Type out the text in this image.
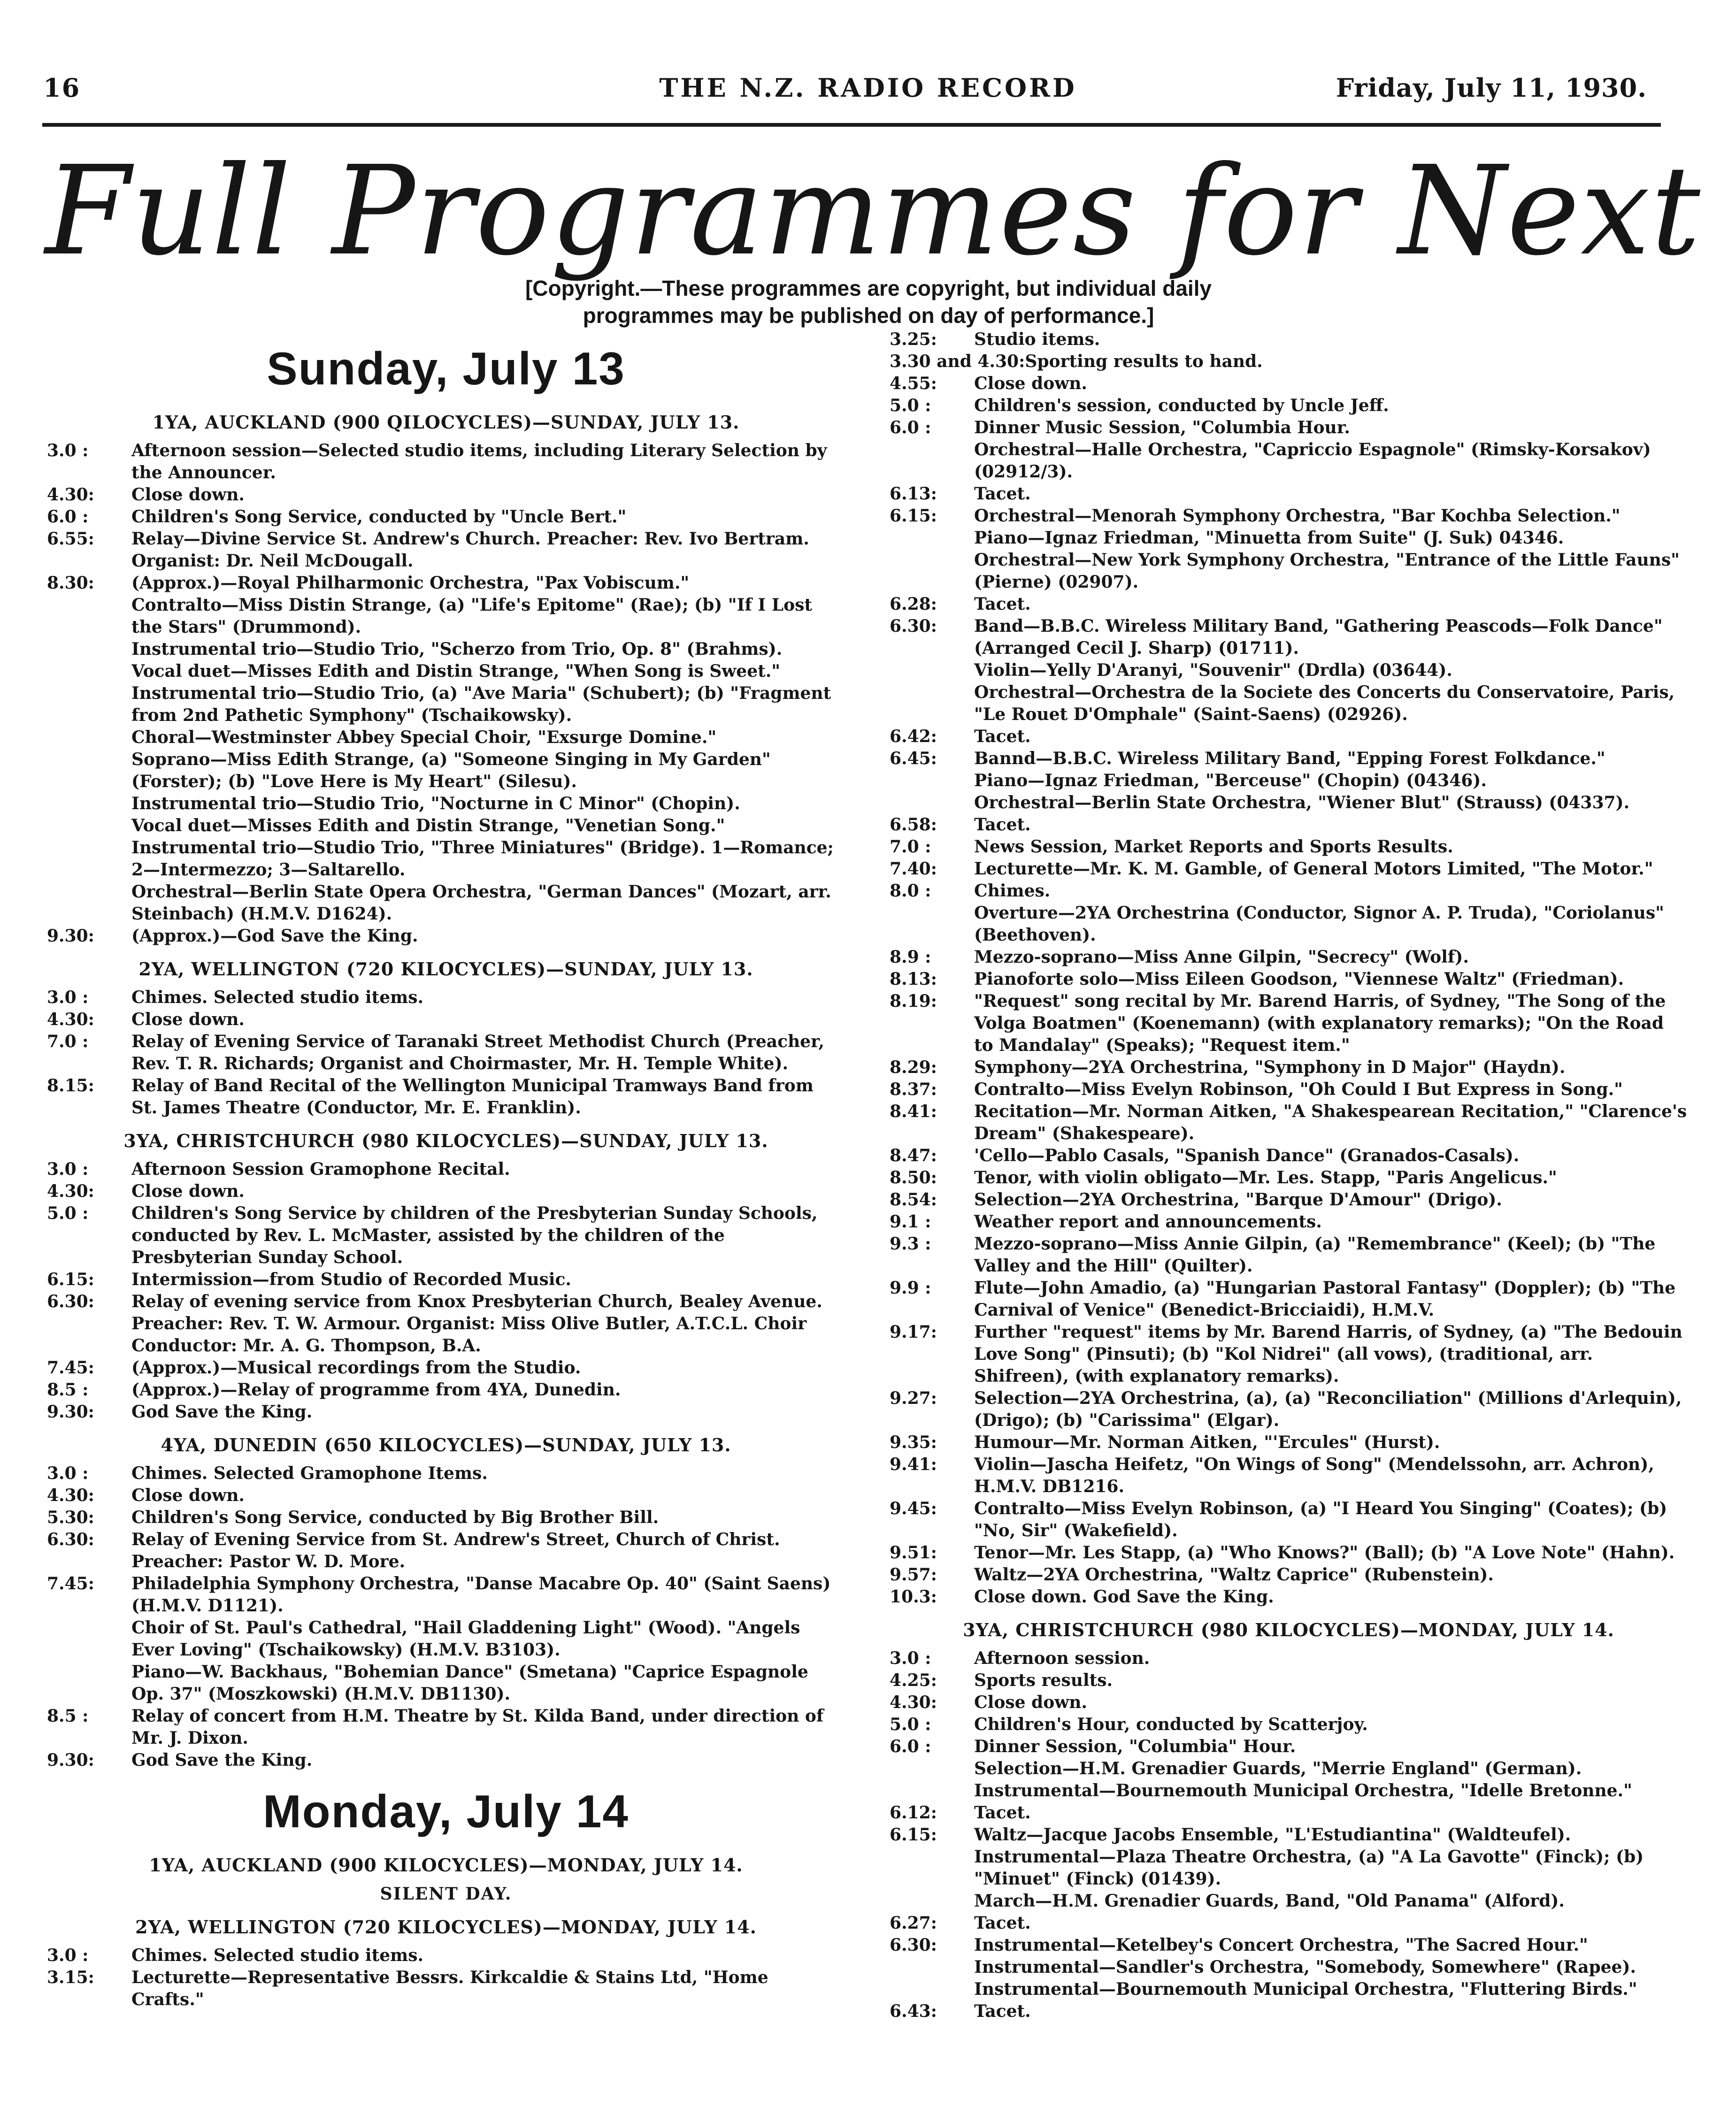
16	THE N.Z. RADIO RECORD	Friday, July 11, 1930.
Full Programmes for Next
[Copyright.—These programmes are copyright, but individual daily programmes may be published on day of performance.]
Sunday, July 13
1YA, AUCKLAND (900 QILOCYCLES)—SUNDAY, JULY 13.
3.0 :	Afternoon session—Selected studio items, including Literary Selection by the Announcer.
4.30:	Close down.
6.0 :	Children's Song Service, conducted by "Uncle Bert."
6.55:	Relay—Divine Service St. Andrew's Church. Preacher: Rev. Ivo Bertram. Organist: Dr. Neil McDougall.
8.30:	(Approx.)—Royal Philharmonic Orchestra, "Pax Vobiscum."
Contralto—Miss Distin Strange, (a) "Life's Epitome" (Rae); (b) "If I Lost the Stars" (Drummond).
Instrumental trio—Studio Trio, "Scherzo from Trio, Op. 8" (Brahms).
Vocal duet—Misses Edith and Distin Strange, "When Song is Sweet."
Instrumental trio—Studio Trio, (a) "Ave Maria" (Schubert); (b) "Fragment from 2nd Pathetic Symphony" (Tschaikowsky).
Choral—Westminster Abbey Special Choir, "Exsurge Domine."
Soprano—Miss Edith Strange, (a) "Someone Singing in My Garden" (Forster); (b) "Love Here is My Heart" (Silesu).
Instrumental trio—Studio Trio, "Nocturne in C Minor" (Chopin).
Vocal duet—Misses Edith and Distin Strange, "Venetian Song."
Instrumental trio—Studio Trio, "Three Miniatures" (Bridge). 1—Romance; 2—Intermezzo; 3—Saltarello.
Orchestral—Berlin State Opera Orchestra, "German Dances" (Mozart, arr. Steinbach) (H.M.V. D1624).
9.30:	(Approx.)—God Save the King.
2YA, WELLINGTON (720 KILOCYCLES)—SUNDAY, JULY 13.
3.0 :	Chimes. Selected studio items.
4.30:	Close down.
7.0 :	Relay of Evening Service of Taranaki Street Methodist Church (Preacher, Rev. T. R. Richards; Organist and Choirmaster, Mr. H. Temple White).
8.15:	Relay of Band Recital of the Wellington Municipal Tramways Band from St. James Theatre (Conductor, Mr. E. Franklin).
3YA, CHRISTCHURCH (980 KILOCYCLES)—SUNDAY, JULY 13.
3.0 :	Afternoon Session Gramophone Recital.
4.30:	Close down.
5.0 :	Children's Song Service by children of the Presbyterian Sunday Schools, conducted by Rev. L. McMaster, assisted by the children of the Presbyterian Sunday School.
6.15:	Intermission—from Studio of Recorded Music.
6.30:	Relay of evening service from Knox Presbyterian Church, Bealey Avenue. Preacher: Rev. T. W. Armour. Organist: Miss Olive Butler, A.T.C.L. Choir Conductor: Mr. A. G. Thompson, B.A.
7.45:	(Approx.)—Musical recordings from the Studio.
8.5 :	(Approx.)—Relay of programme from 4YA, Dunedin.
9.30:	God Save the King.
4YA, DUNEDIN (650 KILOCYCLES)—SUNDAY, JULY 13.
3.0 :	Chimes. Selected Gramophone Items.
4.30:	Close down.
5.30:	Children's Song Service, conducted by Big Brother Bill.
6.30:	Relay of Evening Service from St. Andrew's Street, Church of Christ. Preacher: Pastor W. D. More.
7.45:	Philadelphia Symphony Orchestra, "Danse Macabre Op. 40" (Saint Saens) (H.M.V. D1121).
Choir of St. Paul's Cathedral, "Hail Gladdening Light" (Wood). "Angels Ever Loving" (Tschaikowsky) (H.M.V. B3103).
Piano—W. Backhaus, "Bohemian Dance" (Smetana) "Caprice Espagnole Op. 37" (Moszkowski) (H.M.V. DB1130).
8.5 :	Relay of concert from H.M. Theatre by St. Kilda Band, under direction of Mr. J. Dixon.
9.30:	God Save the King.
Monday, July 14
1YA, AUCKLAND (900 KILOCYCLES)—MONDAY, JULY 14.
SILENT DAY.
2YA, WELLINGTON (720 KILOCYCLES)—MONDAY, JULY 14.
3.0 :	Chimes. Selected studio items.
3.15:	Lecturette—Representative Bessrs. Kirkcaldie & Stains Ltd, "Home Crafts."
3.25:	Studio items.
3.30 and 4.30: Sporting results to hand.
4.55:	Close down.
5.0 :	Children's session, conducted by Uncle Jeff.
6.0 :	Dinner Music Session, "Columbia Hour.
Orchestral—Halle Orchestra, "Capriccio Espagnole" (Rimsky-Korsakov) (02912/3).
6.13:	Tacet.
6.15:	Orchestral—Menorah Symphony Orchestra, "Bar Kochba Selection."
Piano—Ignaz Friedman, "Minuetta from Suite" (J. Suk) 04346.
Orchestral—New York Symphony Orchestra, "Entrance of the Little Fauns" (Pierne) (02907).
6.28:	Tacet.
6.30:	Band—B.B.C. Wireless Military Band, "Gathering Peascods—Folk Dance" (Arranged Cecil J. Sharp) (01711).
Violin—Yelly D'Aranyi, "Souvenir" (Drdla) (03644).
Orchestral—Orchestra de la Societe des Concerts du Conservatoire, Paris, "Le Rouet D'Omphale" (Saint-Saens) (02926).
6.42:	Tacet.
6.45:	Bannd—B.B.C. Wireless Military Band, "Epping Forest Folkdance."
Piano—Ignaz Friedman, "Berceuse" (Chopin) (04346).
Orchestral—Berlin State Orchestra, "Wiener Blut" (Strauss) (04337).
6.58:	Tacet.
7.0 :	News Session, Market Reports and Sports Results.
7.40:	Lecturette—Mr. K. M. Gamble, of General Motors Limited, "The Motor."
8.0 :	Chimes.
Overture—2YA Orchestrina (Conductor, Signor A. P. Truda), "Coriolanus" (Beethoven).
8.9 :	Mezzo-soprano—Miss Anne Gilpin, "Secrecy" (Wolf).
8.13:	Pianoforte solo—Miss Eileen Goodson, "Viennese Waltz" (Friedman).
8.19:	"Request" song recital by Mr. Barend Harris, of Sydney, "The Song of the Volga Boatmen" (Koenemann) (with explanatory remarks); "On the Road to Mandalay" (Speaks); "Request item."
8.29:	Symphony—2YA Orchestrina, "Symphony in D Major" (Haydn).
8.37:	Contralto—Miss Evelyn Robinson, "Oh Could I But Express in Song."
8.41:	Recitation—Mr. Norman Aitken, "A Shakespearean Recitation," "Clarence's Dream" (Shakespeare).
8.47:	'Cello—Pablo Casals, "Spanish Dance" (Granados-Casals).
8.50:	Tenor, with violin obligato—Mr. Les. Stapp, "Paris Angelicus."
8.54:	Selection—2YA Orchestrina, "Barque D'Amour" (Drigo).
9.1 :	Weather report and announcements.
9.3 :	Mezzo-soprano—Miss Annie Gilpin, (a) "Remembrance" (Keel); (b) "The Valley and the Hill" (Quilter).
9.9 :	Flute—John Amadio, (a) "Hungarian Pastoral Fantasy" (Doppler); (b) "The Carnival of Venice" (Benedict-Bricciaidi), H.M.V.
9.17:	Further "request" items by Mr. Barend Harris, of Sydney, (a) "The Bedouin Love Song" (Pinsuti); (b) "Kol Nidrei" (all vows), (traditional, arr. Shifreen), (with explanatory remarks).
9.27:	Selection—2YA Orchestrina, (a), (a) "Reconciliation" (Millions d'Arlequin), (Drigo); (b) "Carissima" (Elgar).
9.35:	Humour—Mr. Norman Aitken, "'Ercules" (Hurst).
9.41:	Violin—Jascha Heifetz, "On Wings of Song" (Mendelssohn, arr. Achron), H.M.V. DB1216.
9.45:	Contralto—Miss Evelyn Robinson, (a) "I Heard You Singing" (Coates); (b) "No, Sir" (Wakefield).
9.51:	Tenor—Mr. Les Stapp, (a) "Who Knows?" (Ball); (b) "A Love Note" (Hahn).
9.57:	Waltz—2YA Orchestrina, "Waltz Caprice" (Rubenstein).
10.3:	Close down. God Save the King.
3YA, CHRISTCHURCH (980 KILOCYCLES)—MONDAY, JULY 14.
3.0 :	Afternoon session.
4.25:	Sports results.
4.30:	Close down.
5.0 :	Children's Hour, conducted by Scatterjoy.
6.0 :	Dinner Session, "Columbia" Hour.
Selection—H.M. Grenadier Guards, "Merrie England" (German).
Instrumental—Bournemouth Municipal Orchestra, "Idelle Bretonne."
6.12:	Tacet.
6.15:	Waltz—Jacque Jacobs Ensemble, "L'Estudiantina" (Waldteufel).
Instrumental—Plaza Theatre Orchestra, (a) "A La Gavotte" (Finck); (b) "Minuet" (Finck) (01439).
March—H.M. Grenadier Guards, Band, "Old Panama" (Alford).
6.27:	Tacet.
6.30:	Instrumental—Ketelbey's Concert Orchestra, "The Sacred Hour."
Instrumental—Sandler's Orchestra, "Somebody, Somewhere" (Rapee).
Instrumental—Bournemouth Municipal Orchestra, "Fluttering Birds."
6.43:	Tacet.
